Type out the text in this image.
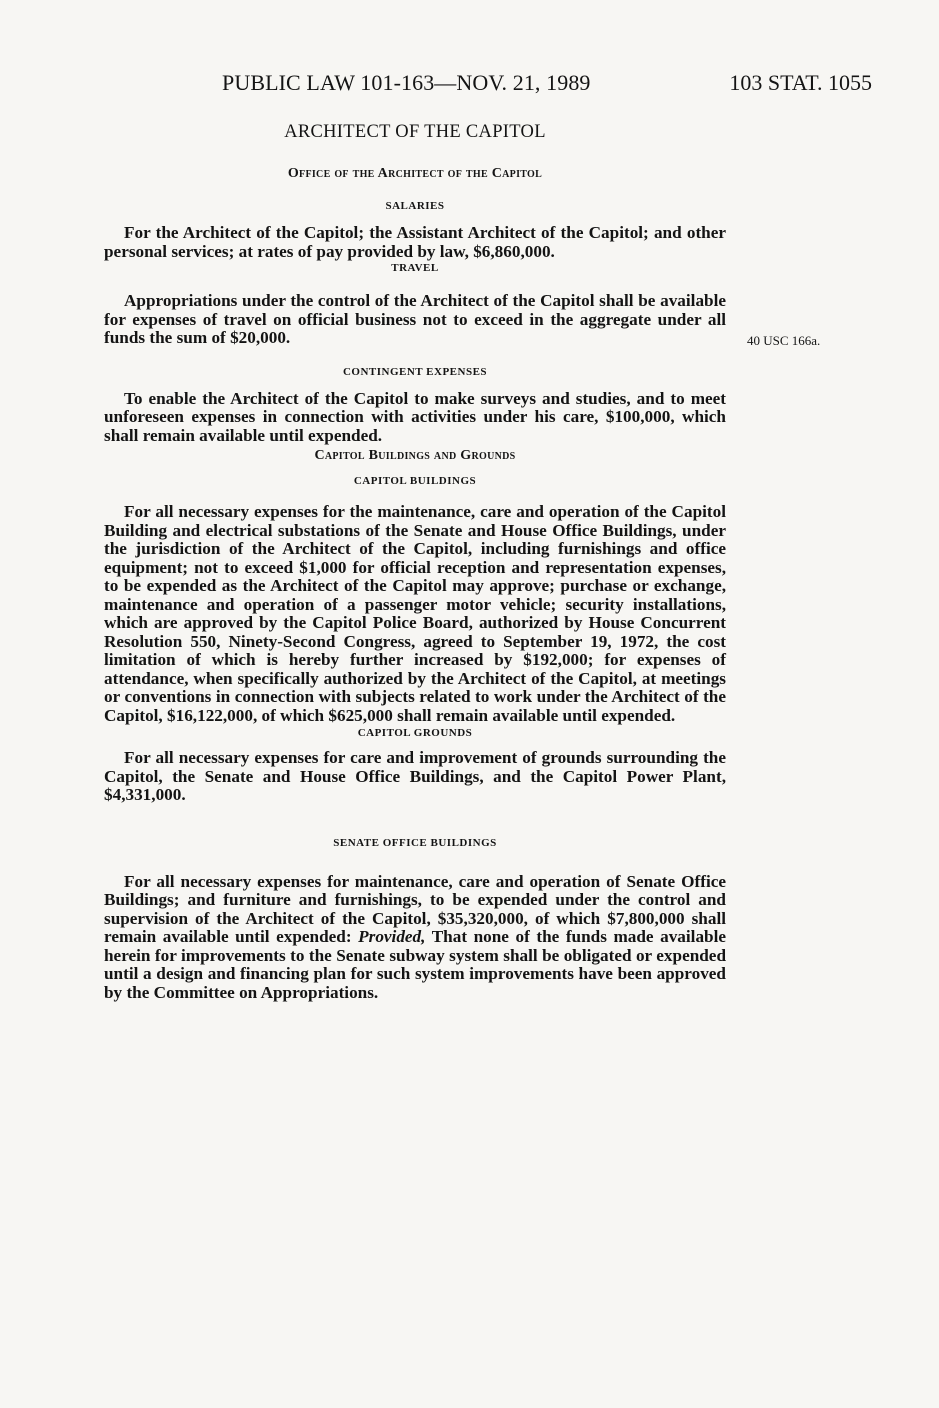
PUBLIC LAW 101-163—NOV. 21, 1989	103 STAT. 1055
40 USC 166a.

ARCHITECT OF THE CAPITOL

Office of the Architect of the Capitol

SALARIES

For the Architect of the Capitol; the Assistant Architect of the Capitol; and other personal services; at rates of pay provided by law, $6,860,000.

TRAVEL

Appropriations under the control of the Architect of the Capitol shall be available for expenses of travel on official business not to exceed in the aggregate under all funds the sum of $20,000.

CONTINGENT EXPENSES

To enable the Architect of the Capitol to make surveys and studies, and to meet unforeseen expenses in connection with activities under his care, $100,000, which shall remain available until expended.

Capitol Buildings and Grounds

CAPITOL BUILDINGS

For all necessary expenses for the maintenance, care and operation of the Capitol Building and electrical substations of the Senate and House Office Buildings, under the jurisdiction of the Architect of the Capitol, including furnishings and office equipment; not to exceed $1,000 for official reception and representation expenses, to be expended as the Architect of the Capitol may approve; purchase or exchange, maintenance and operation of a passenger motor vehicle; security installations, which are approved by the Capitol Police Board, authorized by House Concurrent Resolution 550, Ninety-Second Congress, agreed to September 19, 1972, the cost limitation of which is hereby further increased by $192,000; for expenses of attendance, when specifically authorized by the Architect of the Capitol, at meetings or conventions in connection with subjects related to work under the Architect of the Capitol, $16,122,000, of which $625,000 shall remain available until expended.

CAPITOL GROUNDS

For all necessary expenses for care and improvement of grounds surrounding the Capitol, the Senate and House Office Buildings, and the Capitol Power Plant, $4,331,000.

SENATE OFFICE BUILDINGS

For all necessary expenses for maintenance, care and operation of Senate Office Buildings; and furniture and furnishings, to be expended under the control and supervision of the Architect of the Capitol, $35,320,000, of which $7,800,000 shall remain available until expended: Provided, That none of the funds made available herein for improvements to the Senate subway system shall be obligated or expended until a design and financing plan for such system improvements have been approved by the Committee on Appropriations.
